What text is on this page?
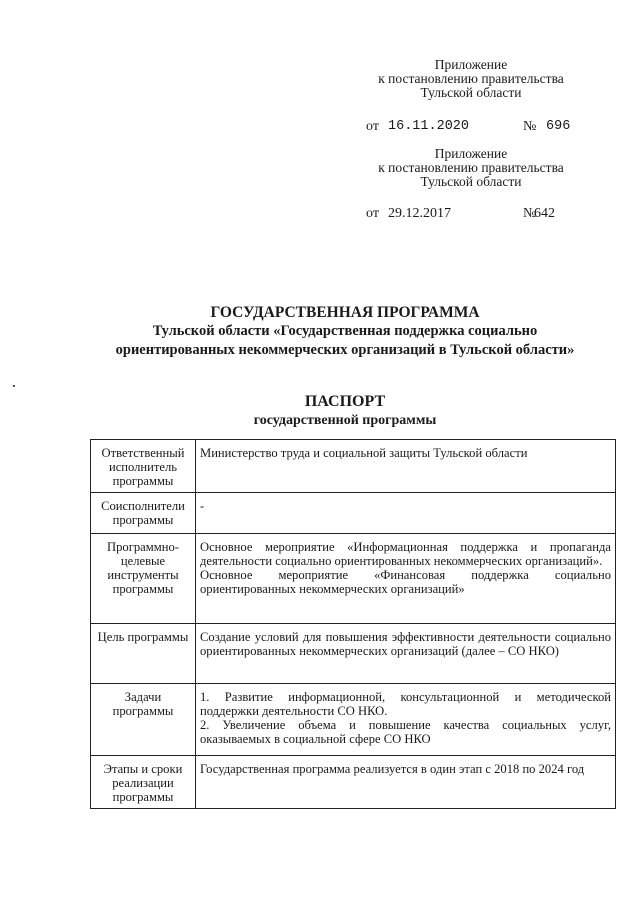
Приложение
к постановлению правительства
Тульской области
от 16.11.2020	№ 696
Приложение
к постановлению правительства
Тульской области
от 29.12.2017	№
642
ГОСУДАРСТВЕННАЯ ПРОГРАММА
Тульской области «Государственная поддержка социально
ориентированных некоммерческих организаций в Тульской области»
ПАСПОРТ
государственной программы
Ответственный исполнитель программы	Министерство труда и социальной защиты Тульской области

Соисполнители программы	-

Программно-целевые инструменты программы	Основное мероприятие «Информационная поддержка и пропаганда деятельности социально ориентированных некоммерческих организаций».
Основное мероприятие «Финансовая поддержка социально ориентированных некоммерческих организаций»

Цель программы	Создание условий для повышения эффективности деятельности социально ориентированных некоммерческих организаций (далее – СО НКО)

Задачи программы	1. Развитие информационной, консультационной и методической поддержки деятельности СО НКО.
2. Увеличение объема и повышение качества социальных услуг, оказываемых в социальной сфере СО НКО

Этапы и сроки реализации программы	Государственная программа реализуется в один этап с 2018 по 2024 год
